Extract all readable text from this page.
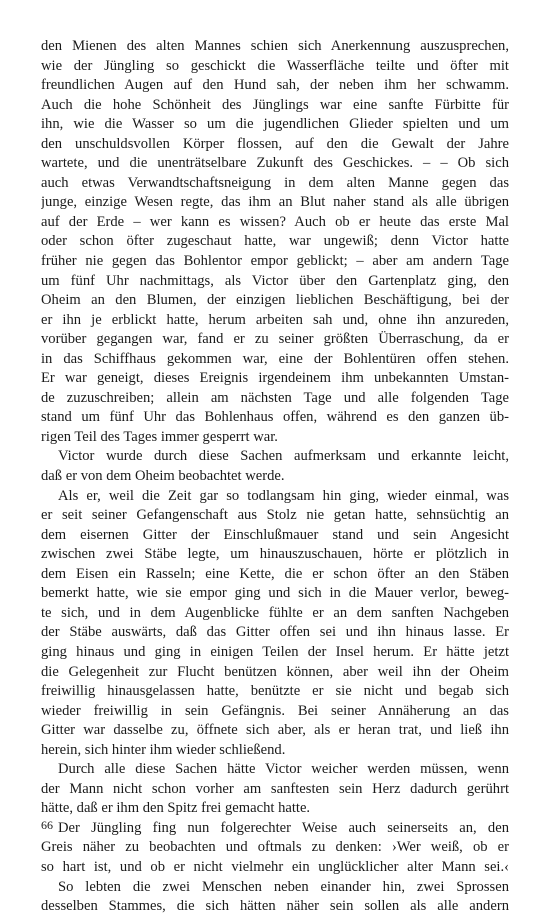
den Mienen des alten Mannes schien sich Anerkennung auszusprechen,
wie der Jüngling so geschickt die Wasserfläche teilte und öfter mit
freundlichen Augen auf den Hund sah, der neben ihm her schwamm.
Auch die hohe Schönheit des Jünglings war eine sanfte Fürbitte für
ihn, wie die Wasser so um die jugendlichen Glieder spielten und um
den unschuldsvollen Körper flossen, auf den die Gewalt der Jahre
wartete, und die unenträtselbare Zukunft des Geschickes. – – Ob sich
auch etwas Verwandtschaftsneigung in dem alten Manne gegen das
junge, einzige Wesen regte, das ihm an Blut naher stand als alle übrigen
auf der Erde – wer kann es wissen? Auch ob er heute das erste Mal
oder schon öfter zugeschaut hatte, war ungewiß; denn Victor hatte
früher nie gegen das Bohlentor empor geblickt; – aber am andern Tage
um fünf Uhr nachmittags, als Victor über den Gartenplatz ging, den
Oheim an den Blumen, der einzigen lieblichen Beschäftigung, bei der
er ihn je erblickt hatte, herum arbeiten sah und, ohne ihn anzureden,
vorüber gegangen war, fand er zu seiner größten Überraschung, da er
in das Schiffhaus gekommen war, eine der Bohlentüren offen stehen.
Er war geneigt, dieses Ereignis irgendeinem ihm unbekannten Umstan-
de zuzuschreiben; allein am nächsten Tage und alle folgenden Tage
stand um fünf Uhr das Bohlenhaus offen, während es den ganzen üb-
rigen Teil des Tages immer gesperrt war.
Victor wurde durch diese Sachen aufmerksam und erkannte leicht,
daß er von dem Oheim beobachtet werde.
Als er, weil die Zeit gar so todlangsam hin ging, wieder einmal, was
er seit seiner Gefangenschaft aus Stolz nie getan hatte, sehnsüchtig an
dem eisernen Gitter der Einschlußmauer stand und sein Angesicht
zwischen zwei Stäbe legte, um hinauszuschauen, hörte er plötzlich in
dem Eisen ein Rasseln; eine Kette, die er schon öfter an den Stäben
bemerkt hatte, wie sie empor ging und sich in die Mauer verlor, beweg-
te sich, und in dem Augenblicke fühlte er an dem sanften Nachgeben
der Stäbe auswärts, daß das Gitter offen sei und ihn hinaus lasse. Er
ging hinaus und ging in einigen Teilen der Insel herum. Er hätte jetzt
die Gelegenheit zur Flucht benützen können, aber weil ihn der Oheim
freiwillig hinausgelassen hatte, benützte er sie nicht und begab sich
wieder freiwillig in sein Gefängnis. Bei seiner Annäherung an das
Gitter war dasselbe zu, öffnete sich aber, als er heran trat, und ließ ihn
herein, sich hinter ihm wieder schließend.
Durch alle diese Sachen hätte Victor weicher werden müssen, wenn
der Mann nicht schon vorher am sanftesten sein Herz dadurch gerührt
hätte, daß er ihm den Spitz frei gemacht hatte.
Der Jüngling fing nun folgerechter Weise auch seinerseits an, den
Greis näher zu beobachten und oftmals zu denken: ›Wer weiß, ob er
so hart ist, und ob er nicht vielmehr ein unglücklicher alter Mann sei.‹
So lebten die zwei Menschen neben einander hin, zwei Sprossen
desselben Stammes, die sich hätten näher sein sollen als alle andern
66
